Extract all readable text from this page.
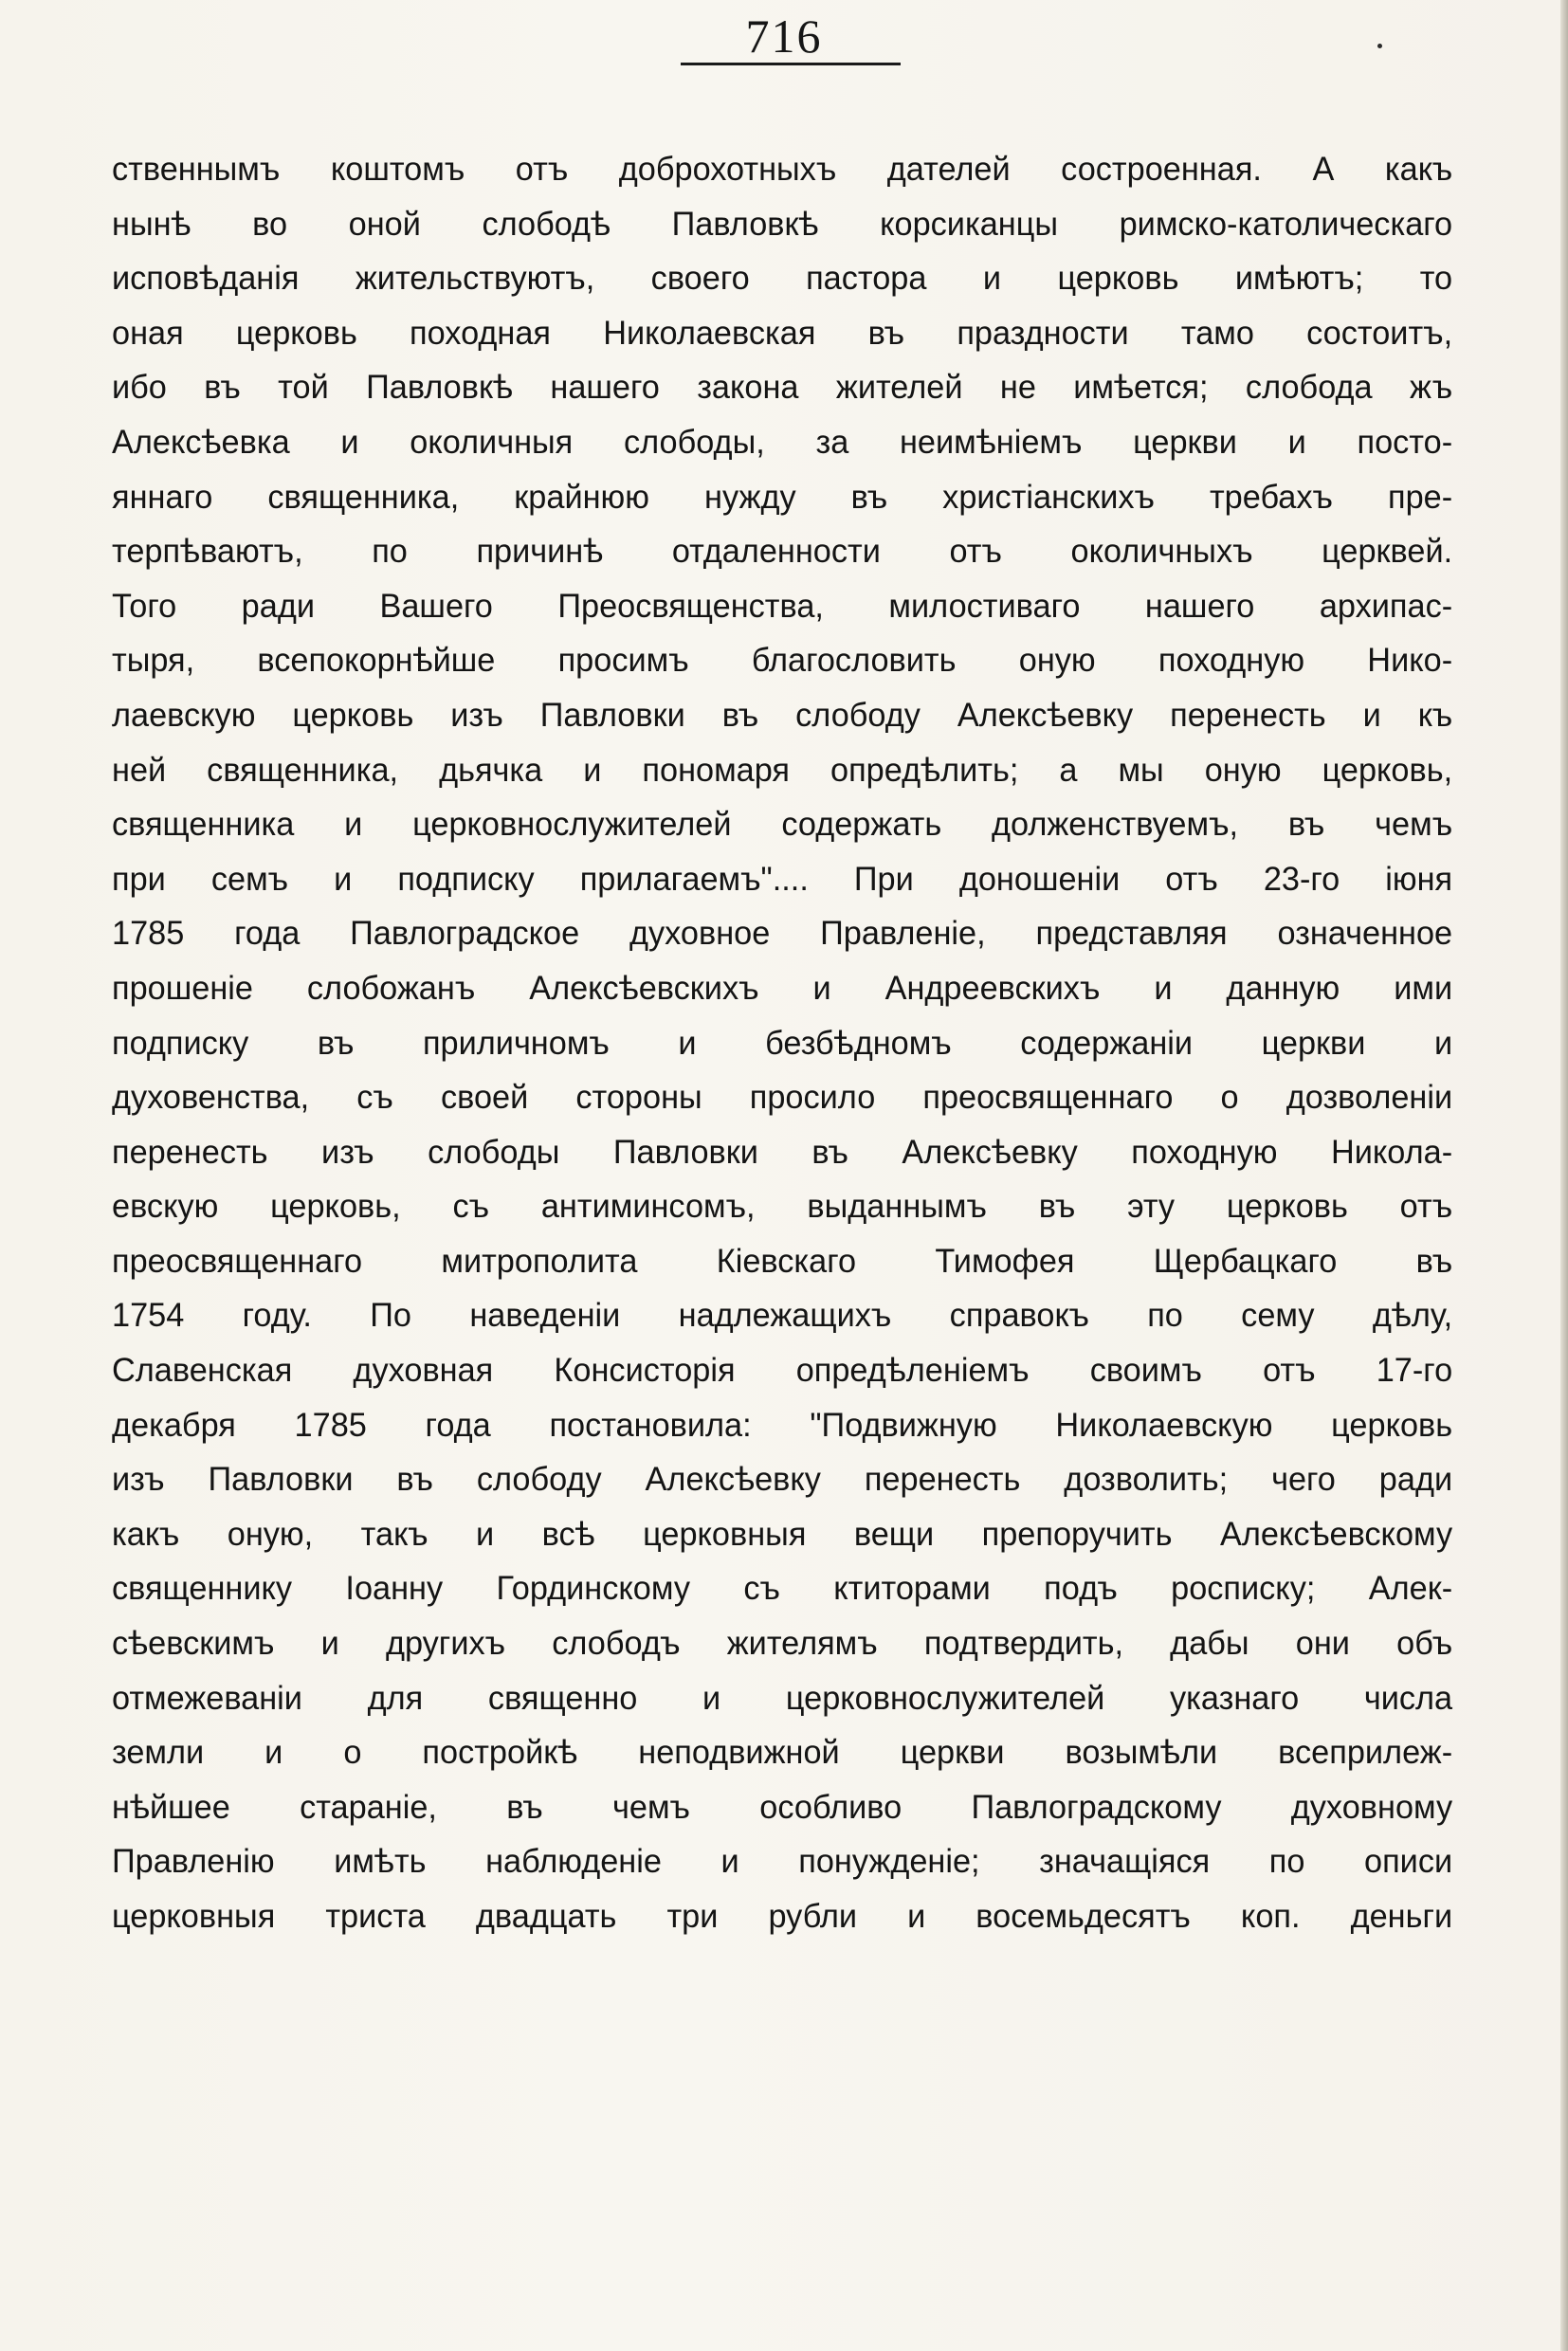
716
ственнымъ коштомъ отъ доброхотныхъ дателей состроенная. А какъ
нынѣ во оной слободѣ Павловкѣ корсиканцы римско-католическаго
исповѣданія жительствуютъ, своего пастора и церковь имѣютъ; то
оная церковь походная Николаевская въ праздности тамо состоитъ,
ибо въ той Павловкѣ нашего закона жителей не имѣется; слобода жъ
Алексѣевка и околичныя слободы, за неимѣніемъ церкви и посто-
яннаго священника, крайнюю нужду въ христіанскихъ требахъ пре-
терпѣваютъ, по причинѣ отдаленности отъ околичныхъ церквей.
Того ради Вашего Преосвященства, милостиваго нашего архипас-
тыря, всепокорнѣйше просимъ благословить оную походную Нико-
лаевскую церковь изъ Павловки въ слободу Алексѣевку перенесть и къ
ней священника, дьячка и пономаря опредѣлить; а мы оную церковь,
священника и церковнослужителей содержать долженствуемъ, въ чемъ
при семъ и подписку прилагаемъ".... При доношеніи отъ 23-го іюня
1785 года Павлоградское духовное Правленіе, представляя означенное
прошеніе слобожанъ Алексѣевскихъ и Андреевскихъ и данную ими
подписку въ приличномъ и безбѣдномъ содержаніи церкви и
духовенства, съ своей стороны просило преосвященнаго о дозволеніи
перенесть изъ слободы Павловки въ Алексѣевку походную Никола-
евскую церковь, съ антиминсомъ, выданнымъ въ эту церковь отъ
преосвященнаго митрополита Кіевскаго Тимофея Щербацкаго въ
1754 году. По наведеніи надлежащихъ справокъ по сему дѣлу,
Славенская духовная Консисторія опредѣленіемъ своимъ отъ 17-го
декабря 1785 года постановила: "Подвижную Николаевскую церковь
изъ Павловки въ слободу Алексѣевку перенесть дозволить; чего ради
какъ оную, такъ и всѣ церковныя вещи препоручить Алексѣевскому
священнику Іоанну Гординскому съ ктиторами подъ росписку; Алек-
сѣевскимъ и другихъ слободъ жителямъ подтвердить, дабы они объ
отмежеваніи для священно и церковнослужителей указнаго числа
земли и о постройкѣ неподвижной церкви возымѣли всеприлеж-
нѣйшее стараніе, въ чемъ особливо Павлоградскому духовному
Правленію имѣть наблюденіе и понужденіе; значащіяся по описи
церковныя триста двадцать три рубли и восемьдесятъ коп. деньги
